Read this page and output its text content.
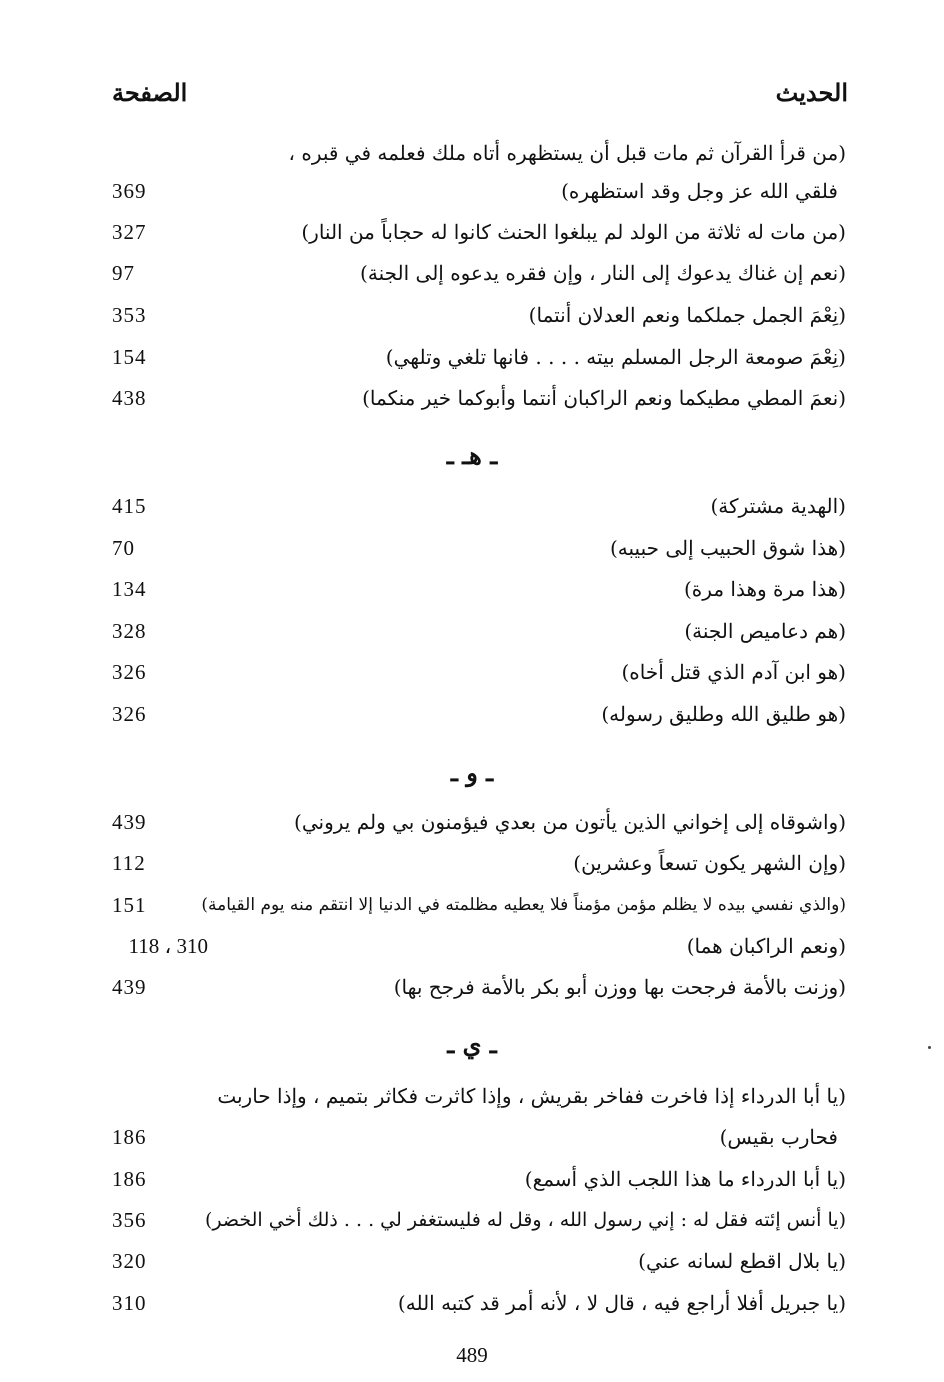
الحديث
الصفحة
(من قرأ القرآن ثم مات قبل أن يستظهره أتاه ملك فعلمه في قبره ،
فلقي الله عز وجل وقد استظهره)
369
(من مات له ثلاثة من الولد لم يبلغوا الحنث كانوا له حجاباً من النار)
327
(نعم إن غناك يدعوك إلى النار ، وإن فقره يدعوه إلى الجنة)
97
(نِعْمَ الجمل جملكما ونعم العدلان أنتما)
353
(نِعْمَ صومعة الرجل المسلم بيته . . . . فانها تلغي وتلهي)
154
(نعمَ المطي مطيكما ونعم الراكبان أنتما وأبوكما خير منكما)
438
ـ هـ ـ
(الهدية مشتركة)
415
(هذا شوق الحبيب إلى حبيبه)
70
(هذا مرة وهذا مرة)
134
(هم دعاميص الجنة)
328
(هو ابن آدم الذي قتل أخاه)
326
(هو طليق الله وطليق رسوله)
326
ـ و ـ
(واشوقاه إلى إخواني الذين يأتون من بعدي فيؤمنون بي ولم يروني)
439
(وإن الشهر يكون تسعاً وعشرين)
112
(والذي نفسي بيده لا يظلم مؤمن مؤمناً فلا يعطيه مظلمته في الدنيا إلا انتقم منه يوم القيامة)
151
(ونعم الراكبان هما)
310 ، 118
(وزنت بالأمة فرجحت بها ووزن أبو بكر بالأمة فرجح بها)
439
ـ ي ـ
(يا أبا الدرداء إذا فاخرت ففاخر بقريش ، وإذا كاثرت فكاثر بتميم ، وإذا حاربت
فحارب بقيس)
186
(يا أبا الدرداء ما هذا اللجب الذي أسمع)
186
(يا أنس إئته فقل له : إني رسول الله ، وقل له فليستغفر لي . . . ذلك أخي الخضر)
356
(يا بلال اقطع لسانه عني)
320
(يا جبريل أفلا أراجع فيه ، قال لا ، لأنه أمر قد كتبه الله)
310
489
